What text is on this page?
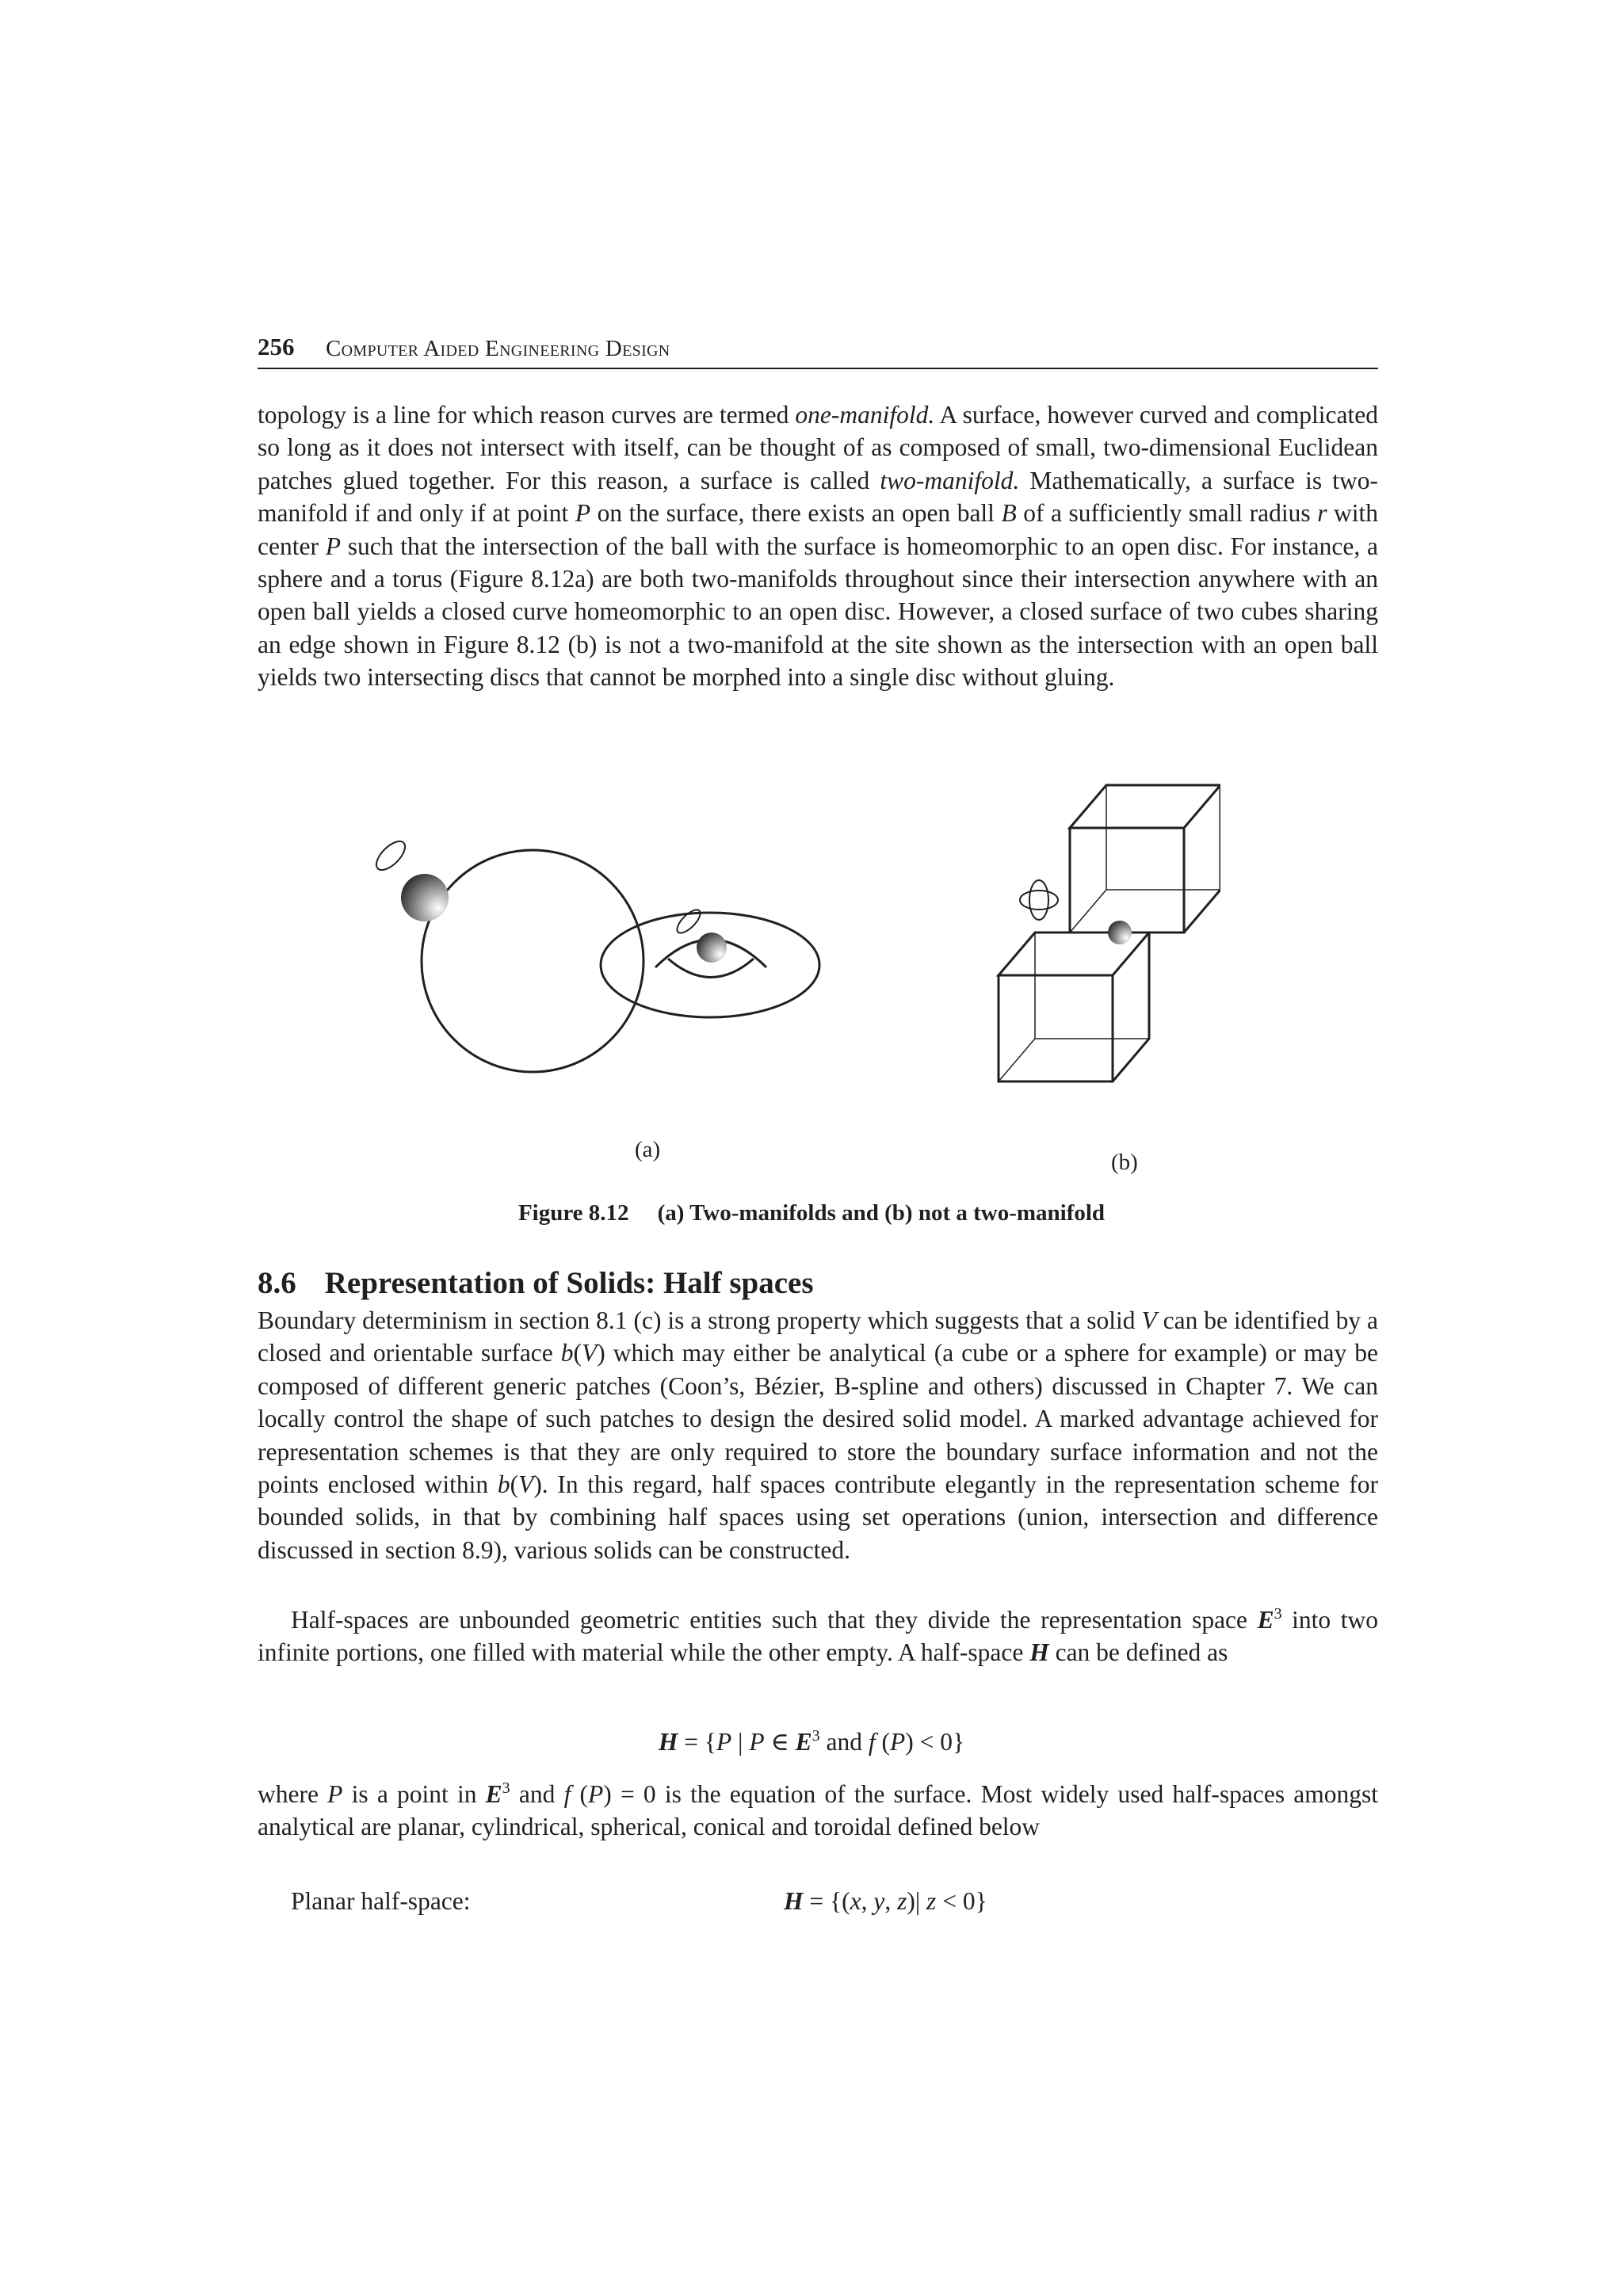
256 Computer Aided Engineering Design

topology is a line for which reason curves are termed one-manifold. A surface, however curved and complicated so long as it does not intersect with itself, can be thought of as composed of small, two-dimensional Euclidean patches glued together. For this reason, a surface is called two-manifold. Mathematically, a surface is two-manifold if and only if at point P on the surface, there exists an open ball B of a sufficiently small radius r with center P such that the intersection of the ball with the surface is homeomorphic to an open disc. For instance, a sphere and a torus (Figure 8.12a) are both two-manifolds throughout since their intersection anywhere with an open ball yields a closed curve homeomorphic to an open disc. However, a closed surface of two cubes sharing an edge shown in Figure 8.12 (b) is not a two-manifold at the site shown as the intersection with an open ball yields two intersecting discs that cannot be morphed into a single disc without gluing.

(a)	(b)
Figure 8.12 (a) Two-manifolds and (b) not a two-manifold
8.6 Representation of Solids: Half spaces

Boundary determinism in section 8.1 (c) is a strong property which suggests that a solid V can be identified by a closed and orientable surface b(V) which may either be analytical (a cube or a sphere for example) or may be composed of different generic patches (Coon’s, Bézier, B-spline and others) discussed in Chapter 7. We can locally control the shape of such patches to design the desired solid model. A marked advantage achieved for representation schemes is that they are only required to store the boundary surface information and not the points enclosed within b(V). In this regard, half spaces contribute elegantly in the representation scheme for bounded solids, in that by combining half spaces using set operations (union, intersection and difference discussed in section 8.9), various solids can be constructed.

Half-spaces are unbounded geometric entities such that they divide the representation space $E^3$ into two infinite portions, one filled with material while the other empty. A half-space H can be defined as

H = {P | P ∈ $E^3$ and f (P) < 0}

where P is a point in $E^3$ and f (P) = 0 is the equation of the surface. Most widely used half-spaces amongst analytical are planar, cylindrical, spherical, conical and toroidal defined below

Planar half-space:	H = {(x, y, z)| z < 0}
